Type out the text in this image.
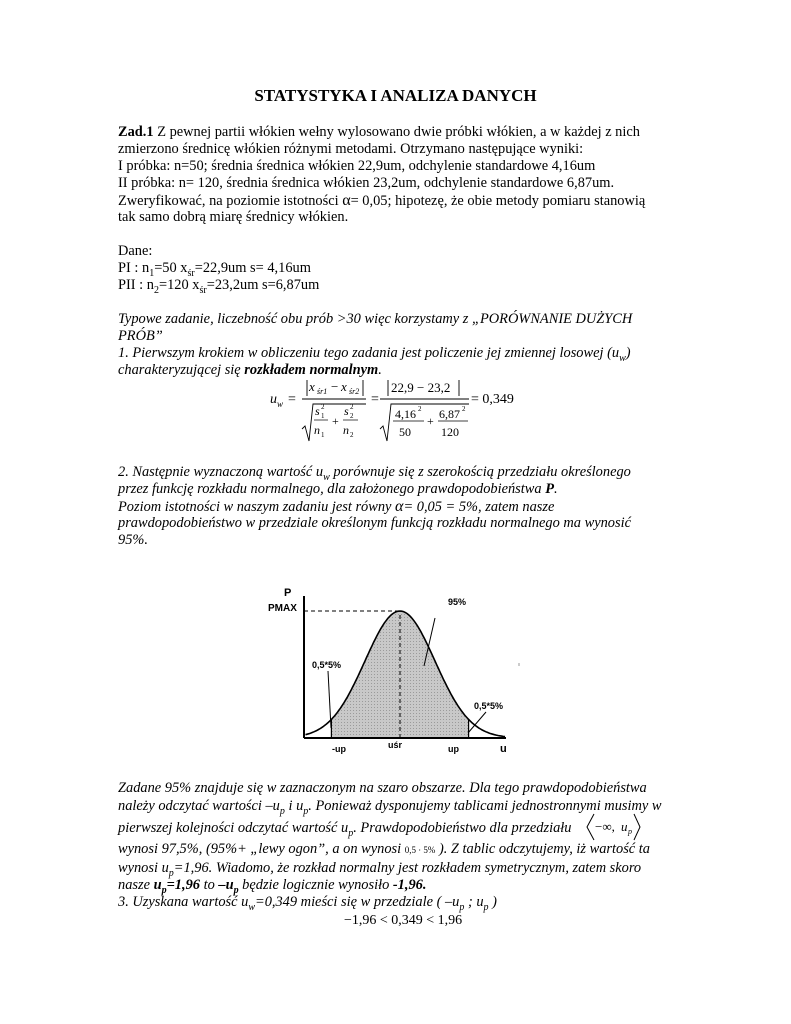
STATYSTYKA I ANALIZA DANYCH
Zad.1 Z pewnej partii włókien wełny wylosowano dwie próbki włókien, a w każdej z nich
zmierzono średnicę włókien różnymi metodami. Otrzymano następujące wyniki:
I próbka: n=50; średnia średnica włókien 22,9um, odchylenie standardowe 4,16um
II próbka: n= 120, średnia średnica włókien 23,2um, odchylenie standardowe 6,87um.
Zweryfikować, na poziomie istotności α= 0,05; hipotezę, że obie metody pomiaru stanowią
tak samo dobrą miarę średnicy włókien.
Dane:
PI : $n_1=50$ $x_{śr}=22,9um$ s= 4,16um
PII : $n_2=120$ $x_{śr}=23,2um$ s=6,87um
Typowe zadanie, liczebność obu prób >30 więc korzystamy z „PORÓWNANIE DUŻYCH
PRÓB”
1. Pierwszym krokiem w obliczeniu tego zadania jest policzenie jej zmiennej losowej $(u_w)$
charakteryzującej się rozkładem normalnym.
u w =
x śr1 − x śr2
s 2
1
n 1
+
s 2
2
n 2
=
22,9 − 23,2
4,16 2
50
+ 6,87 2
120
= 0,349
2. Następnie wyznaczoną wartość $u_w$ porównuje się z szerokością przedziału określonego
przez funkcję rozkładu normalnego, dla założonego prawdopodobieństwa P.
Poziom istotności w naszym zadaniu jest równy α= 0,05 = 5%, zatem nasze
prawdopodobieństwo w przedziale określonym funkcją rozkładu normalnego ma wynosić
95%.
P
PMAX
u
-up	uśr	up
95%
0,5*5%
0,5*5%
Zadane 95% znajduje się w zaznaczonym na szaro obszarze. Dla tego prawdopodobieństwa
należy odczytać wartości $-u_p$ i $u_p$. Ponieważ dysponujemy tablicami jednostronnymi musimy w
pierwszej kolejności odczytać wartość $u_p$. Prawdopodobieństwo dla przedziału −∞, u p
wynosi 97,5%, (95%+ „lewy ogon”, a on wynosi 0,5 ⋅ 5% ). Z tablic odczytujemy, iż wartość ta
wynosi $u_p=1,96$. Wiadomo, że rozkład normalny jest rozkładem symetrycznym, zatem skoro
nasze $u_p=1,96$ to $-u_p$ będzie logicznie wynosiło -1,96.
3. Uzyskana wartość $u_w=0,349$ mieści się w przedziale ( $-u_p$ ; $u_p$ )
−1,96 < 0,349 < 1,96
